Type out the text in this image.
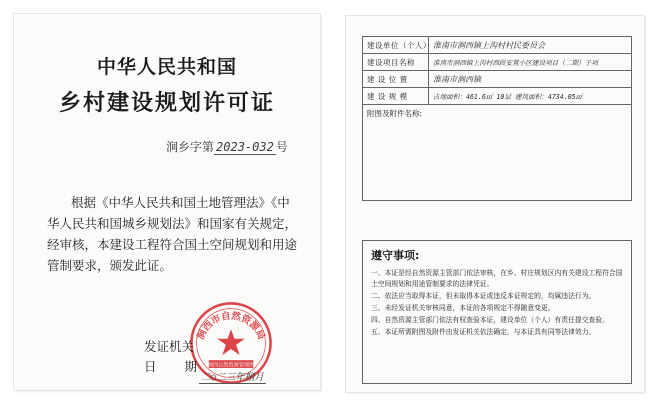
中华人民共和国
乡村建设规划许可证
涧乡字第 2023-032 号
根据《中华人民共和国土地管理法》《中华人民共和国城乡规划法》和国家有关规定，经审核，本建设工程符合国土空间规划和用途管制要求，颁发此证。
涧西市自然资源局
涧西自然资源管理所
发证机关
日 期
二○二三年捌月
建设单位（个人）	淮南市涧西镇上沟村村民委员会
建设项目名称	淮南市涧西镇上沟村西段安置小区建设项目（二期）子项
建 设 位 置	淮南市涧西镇
建 设 规 模	占地面积：461.6㎡ 10层 建筑面积：4734.05㎡
附图及附件名称:	
遵守事项:
一、本证是经自然资源主管部门依法审核，在乡、村庄规划区内有关建设工程符合国土空间规划和用途管制要求的法律凭证。
二、依法应当取得本证，但未取得本证或违反本证规定的，均属违法行为。
三、未经发证机关审核同意，本证的各项规定不得随意变更。
四、自然资源主管部门依法有权查验本证，建设单位（个人）有责任提交查验。
五、本证所需附图及附件由发证机关依法确定，与本证具有同等法律效力。
